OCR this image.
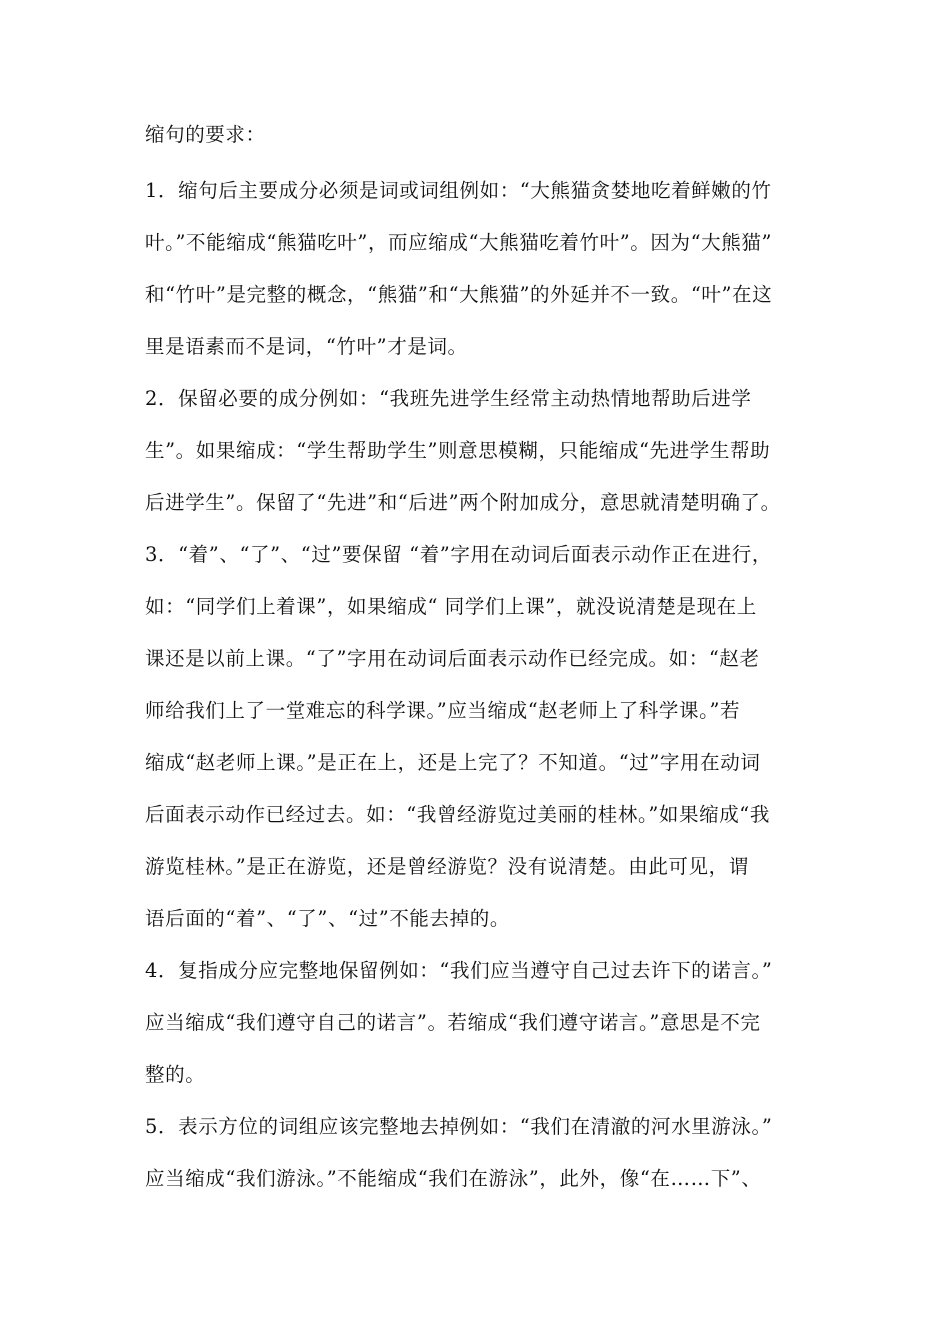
缩句的要求：
1．缩句后主要成分必须是词或词组例如：“大熊猫贪婪地吃着鲜嫩的竹
叶。”不能缩成“熊猫吃叶”，而应缩成“大熊猫吃着竹叶”。因为“大熊猫”
和“竹叶”是完整的概念，“熊猫”和“大熊猫”的外延并不一致。“叶”在这
里是语素而不是词，“竹叶”才是词。
2．保留必要的成分例如：“我班先进学生经常主动热情地帮助后进学
生”。如果缩成：“学生帮助学生”则意思模糊，只能缩成“先进学生帮助
后进学生”。保留了“先进”和“后进”两个附加成分，意思就清楚明确了。
3．“着”、“了”、“过”要保留 “着”字用在动词后面表示动作正在进行，
如：“同学们上着课”，如果缩成“ 同学们上课”，就没说清楚是现在上
课还是以前上课。“了”字用在动词后面表示动作已经完成。如：“赵老
师给我们上了一堂难忘的科学课。”应当缩成“赵老师上了科学课。”若
缩成“赵老师上课。”是正在上，还是上完了？不知道。“过”字用在动词
后面表示动作已经过去。如：“我曾经游览过美丽的桂林。”如果缩成“我
游览桂林。”是正在游览，还是曾经游览？没有说清楚。由此可见，谓
语后面的“着”、“了”、“过”不能去掉的。
4．复指成分应完整地保留例如：“我们应当遵守自己过去许下的诺言。”
应当缩成“我们遵守自己的诺言”。若缩成“我们遵守诺言。”意思是不完
整的。
5．表示方位的词组应该完整地去掉例如：“我们在清澈的河水里游泳。”
应当缩成“我们游泳。”不能缩成“我们在游泳”，此外，像“在……下”、
